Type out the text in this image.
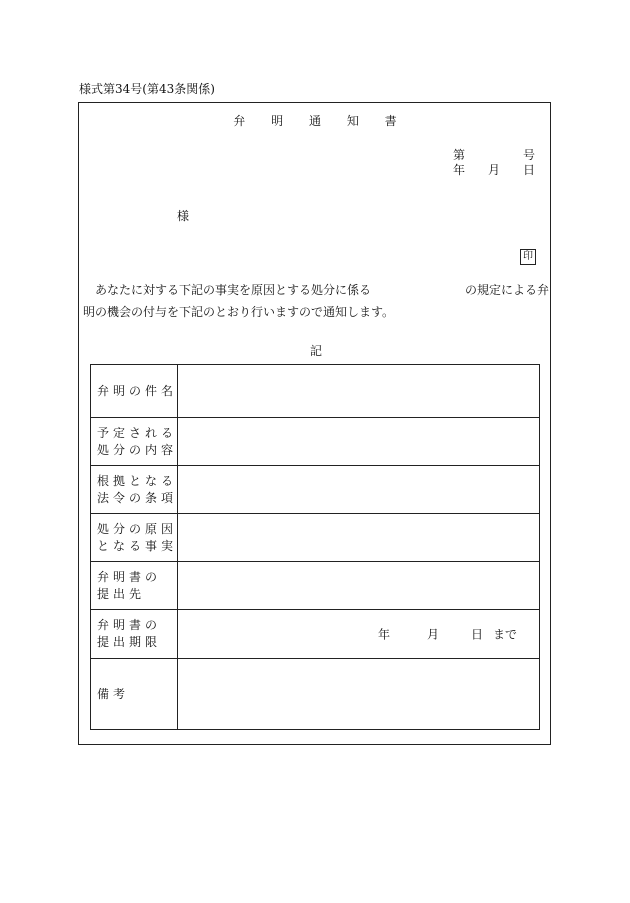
様式第34号(第43条関係)
弁 明 通 知 書
第	号
年 月 日
様
印
あなたに対する下記の事実を原因とする処分に係る	の規定による弁
明の機会の付与を下記のとおり行いますので通知します。
記
弁明の件名	

予定される
処分の内容	

根拠となる
法令の条項	

処分の原因
となる事実	

弁明書の
提出先	

弁明書の
提出期限	年 月 日 まで

備考	
